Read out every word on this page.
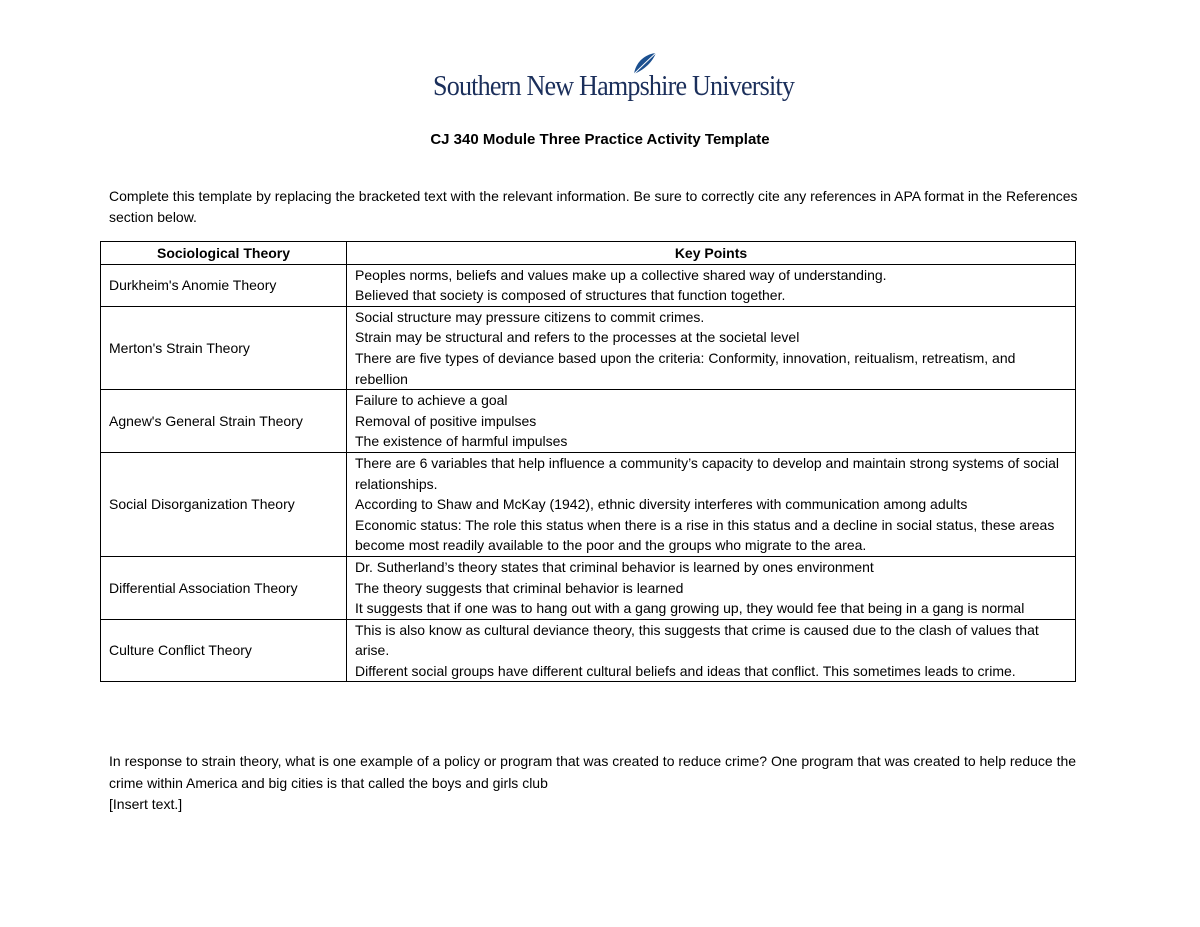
Southern New Hampshire University
CJ 340 Module Three Practice Activity Template
Complete this template by replacing the bracketed text with the relevant information. Be sure to correctly cite any references in APA format in the References section below.
Sociological Theory	Key Points
Durkheim's Anomie Theory	Peoples norms, beliefs and values make up a collective shared way of understanding.
Believed that society is composed of structures that function together.

Merton's Strain Theory	Social structure may pressure citizens to commit crimes.
Strain may be structural and refers to the processes at the societal level
There are five types of deviance based upon the criteria: Conformity, innovation, reitualism, retreatism, and rebellion

Agnew's General Strain Theory	Failure to achieve a goal
Removal of positive impulses
The existence of harmful impulses

Social Disorganization Theory	There are 6 variables that help influence a community’s capacity to develop and maintain strong systems of social relationships.
According to Shaw and McKay (1942), ethnic diversity interferes with communication among adults
Economic status: The role this status when there is a rise in this status and a decline in social status, these areas become most readily available to the poor and the groups who migrate to the area.

Differential Association Theory	Dr. Sutherland’s theory states that criminal behavior is learned by ones environment
The theory suggests that criminal behavior is learned
It suggests that if one was to hang out with a gang growing up, they would fee that being in a gang is normal

Culture Conflict Theory	This is also know as cultural deviance theory, this suggests that crime is caused due to the clash of values that arise.
Different social groups have different cultural beliefs and ideas that conflict. This sometimes leads to crime.
In response to strain theory, what is one example of a policy or program that was created to reduce crime? One program that was created to help reduce the crime within America and big cities is that called the boys and girls club
[Insert text.]
